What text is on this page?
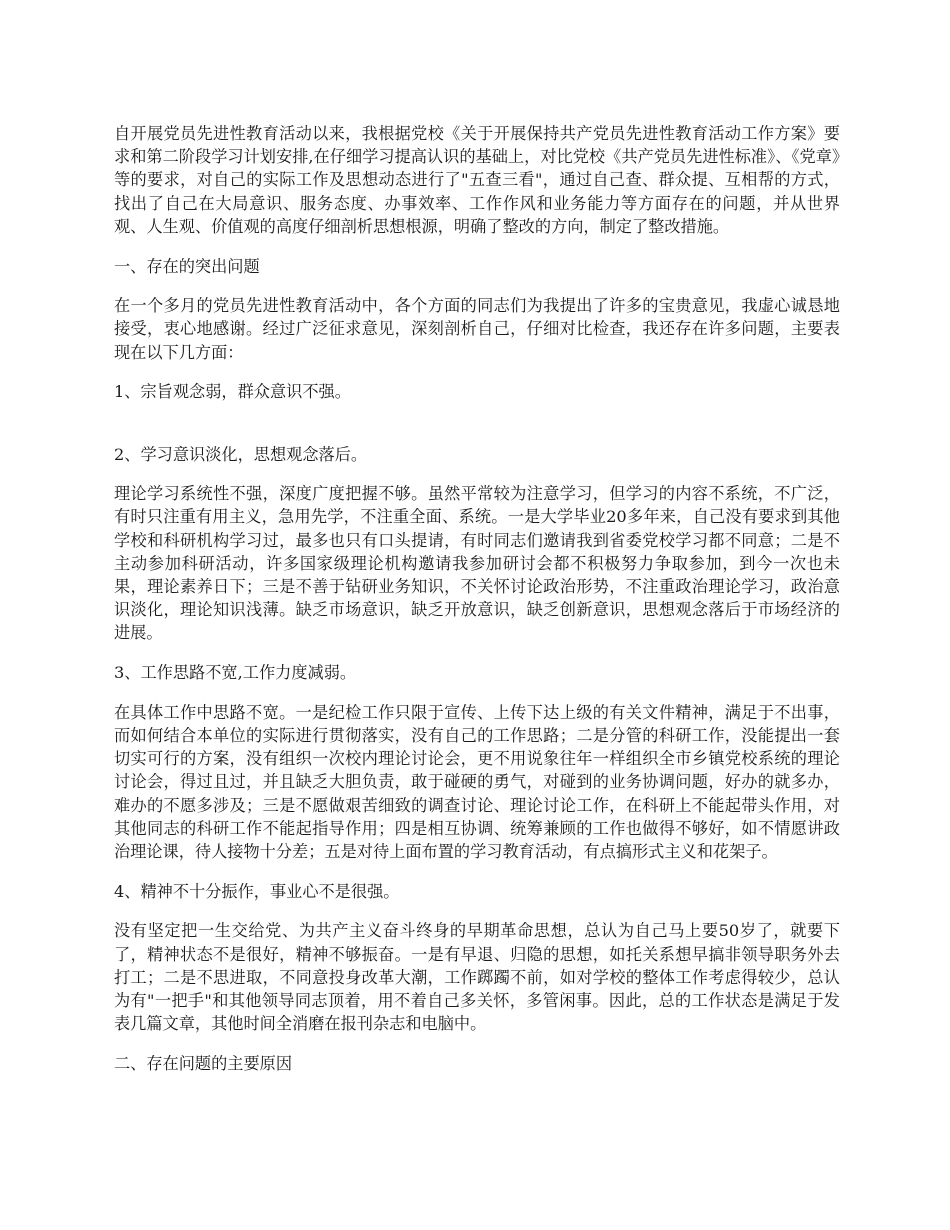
自开展党员先进性教育活动以来，我根据党校《关于开展保持共产党员先进性教育活动工作方案》要求和第二阶段学习计划安排,在仔细学习提高认识的基础上，对比党校《共产党员先进性标准》、《党章》等的要求，对自己的实际工作及思想动态进行了"五查三看"，通过自己查、群众提、互相帮的方式，找出了自己在大局意识、服务态度、办事效率、工作作风和业务能力等方面存在的问题，并从世界观、人生观、价值观的高度仔细剖析思想根源，明确了整改的方向，制定了整改措施。

一、存在的突出问题

在一个多月的党员先进性教育活动中，各个方面的同志们为我提出了许多的宝贵意见，我虚心诚恳地接受，衷心地感谢。经过广泛征求意见，深刻剖析自己，仔细对比检查，我还存在许多问题，主要表现在以下几方面：

1、宗旨观念弱，群众意识不强。

2、学习意识淡化，思想观念落后。

理论学习系统性不强，深度广度把握不够。虽然平常较为注意学习，但学习的内容不系统，不广泛，有时只注重有用主义，急用先学，不注重全面、系统。一是大学毕业20多年来，自己没有要求到其他学校和科研机构学习过，最多也只有口头提请，有时同志们邀请我到省委党校学习都不同意；二是不主动参加科研活动，许多国家级理论机构邀请我参加研讨会都不积极努力争取参加，到今一次也未果，理论素养日下；三是不善于钻研业务知识，不关怀讨论政治形势，不注重政治理论学习，政治意识淡化，理论知识浅薄。缺乏市场意识，缺乏开放意识，缺乏创新意识，思想观念落后于市场经济的进展。

3、工作思路不宽,工作力度减弱。

在具体工作中思路不宽。一是纪检工作只限于宣传、上传下达上级的有关文件精神，满足于不出事，而如何结合本单位的实际进行贯彻落实，没有自己的工作思路；二是分管的科研工作，没能提出一套切实可行的方案，没有组织一次校内理论讨论会，更不用说象往年一样组织全市乡镇党校系统的理论讨论会，得过且过，并且缺乏大胆负责，敢于碰硬的勇气，对碰到的业务协调问题，好办的就多办，难办的不愿多涉及；三是不愿做艰苦细致的调查讨论、理论讨论工作，在科研上不能起带头作用，对其他同志的科研工作不能起指导作用；四是相互协调、统筹兼顾的工作也做得不够好，如不情愿讲政治理论课，待人接物十分差；五是对待上面布置的学习教育活动，有点搞形式主义和花架子。

4、精神不十分振作，事业心不是很强。

没有坚定把一生交给党、为共产主义奋斗终身的早期革命思想，总认为自己马上要50岁了，就要下了，精神状态不是很好，精神不够振奋。一是有早退、归隐的思想，如托关系想早搞非领导职务外去打工；二是不思进取，不同意投身改革大潮，工作踯躅不前，如对学校的整体工作考虑得较少，总认为有"一把手"和其他领导同志顶着，用不着自己多关怀，多管闲事。因此，总的工作状态是满足于发表几篇文章，其他时间全消磨在报刊杂志和电脑中。

二、存在问题的主要原因
